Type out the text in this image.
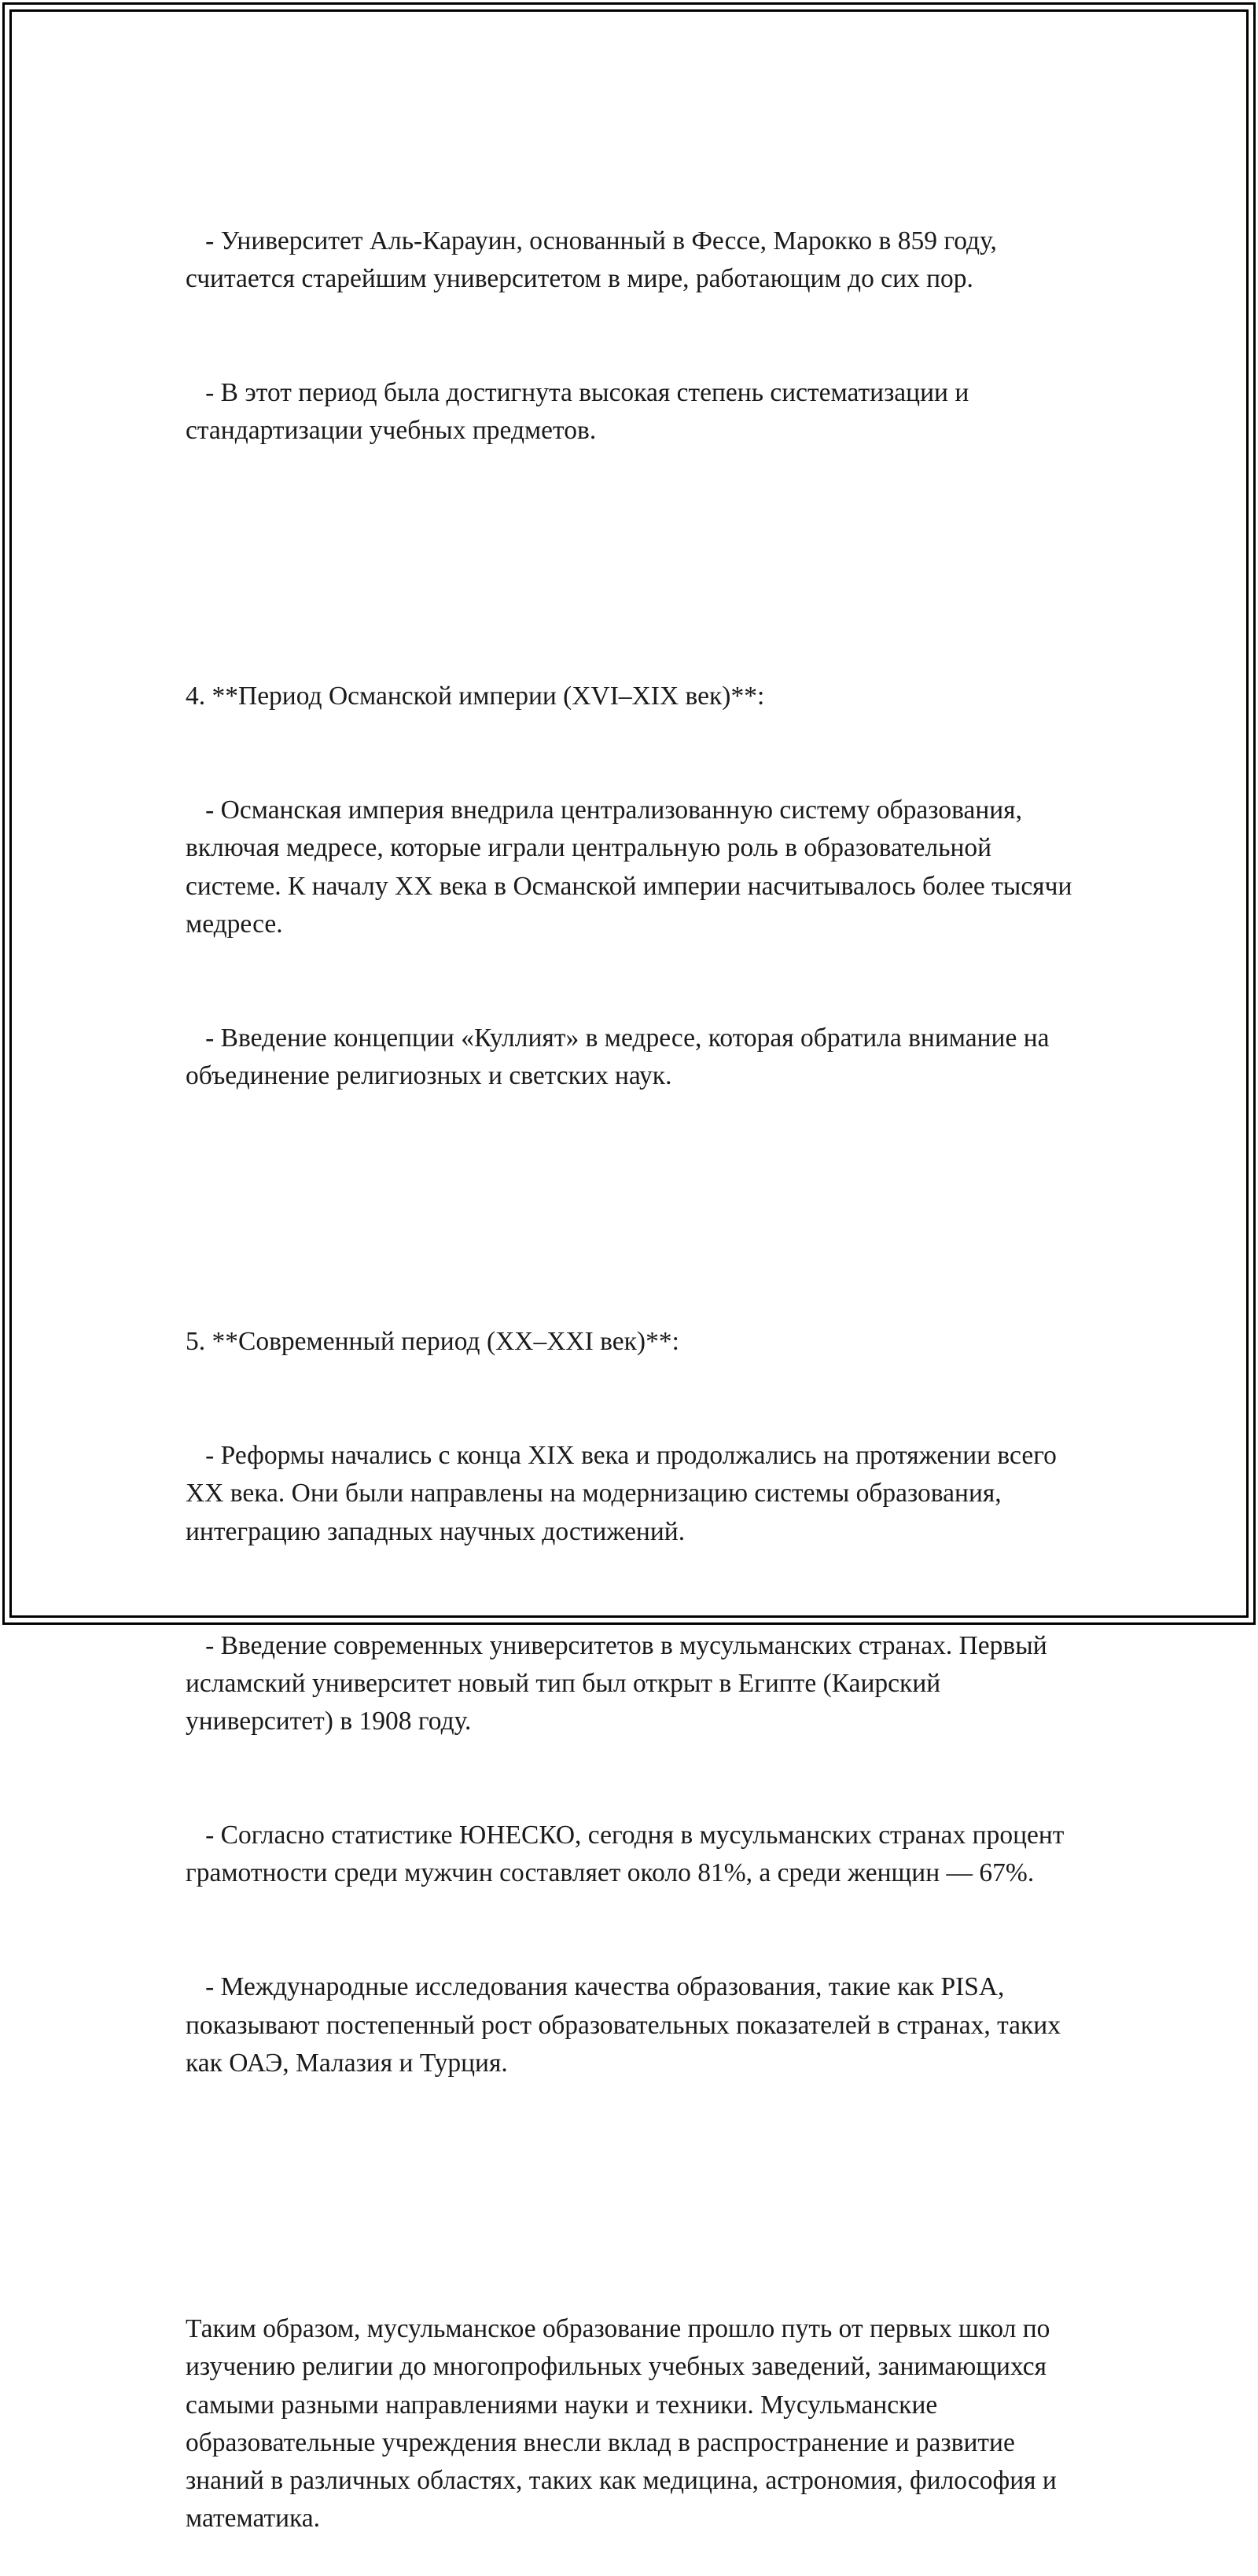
- Университет Аль-Карауин, основанный в Фессе, Марокко в 859 году, считается старейшим университетом в мире, работающим до сих пор.

- В этот период была достигнута высокая степень систематизации и стандартизации учебных предметов.

4. **Период Османской империи (XVI–XIX век)**:

- Османская империя внедрила централизованную систему образования, включая медресе, которые играли центральную роль в образовательной системе. К началу XX века в Османской империи насчитывалось более тысячи медресе.

- Введение концепции «Куллият» в медресе, которая обратила внимание на объединение религиозных и светских наук.

5. **Современный период (XX–XXI век)**:

- Реформы начались с конца XIX века и продолжались на протяжении всего XX века. Они были направлены на модернизацию системы образования, интеграцию западных научных достижений.

- Введение современных университетов в мусульманских странах. Первый исламский университет новый тип был открыт в Египте (Каирский университет) в 1908 году.

- Согласно статистике ЮНЕСКО, сегодня в мусульманских странах процент грамотности среди мужчин составляет около 81%, а среди женщин — 67%.

- Международные исследования качества образования, такие как PISA, показывают постепенный рост образовательных показателей в странах, таких как ОАЭ, Малазия и Турция.

Таким образом, мусульманское образование прошло путь от первых школ по изучению религии до многопрофильных учебных заведений, занимающихся самыми разными направлениями науки и техники. Мусульманские образовательные учреждения внесли вклад в распространение и развитие знаний в различных областях, таких как медицина, астрономия, философия и математика.
